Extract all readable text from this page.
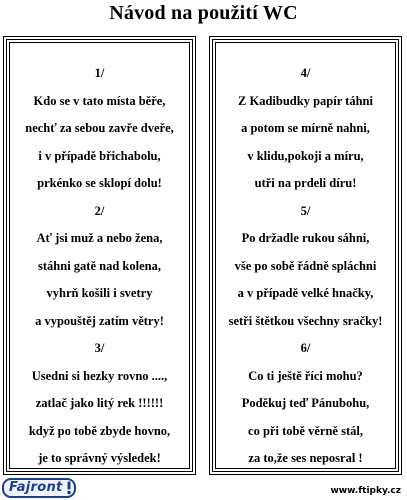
Návod na použití WC
1/
Kdo se v tato místa běře,
nechť za sebou zavře dveře,
i v případě břichabolu,
prkénko se sklopí dolu!
2/
Ať jsi muž a nebo žena,
stáhni gatě nad kolena,
vyhrň košili i svetry
a vypouštěj zatím větry!
3/
Usedni si hezky rovno ....,
zatlač jako litý rek !!!!!!
když po tobě zbyde hovno,
je to správný výsledek!
4/
Z Kadibudky papír táhni
a potom se mírně nahni,
v klidu,pokoji a míru,
utři na prdeli díru!
5/
Po držadle rukou sáhni,
vše po sobě řádně spláchni
a v případě velké hnačky,
setři štětkou všechny sračky!
6/
Co ti ještě říci mohu?
Poděkuj teď Pánubohu,
co při tobě věrně stál,
za to,že ses neposral !
Fajront	www.ftipky.cz
